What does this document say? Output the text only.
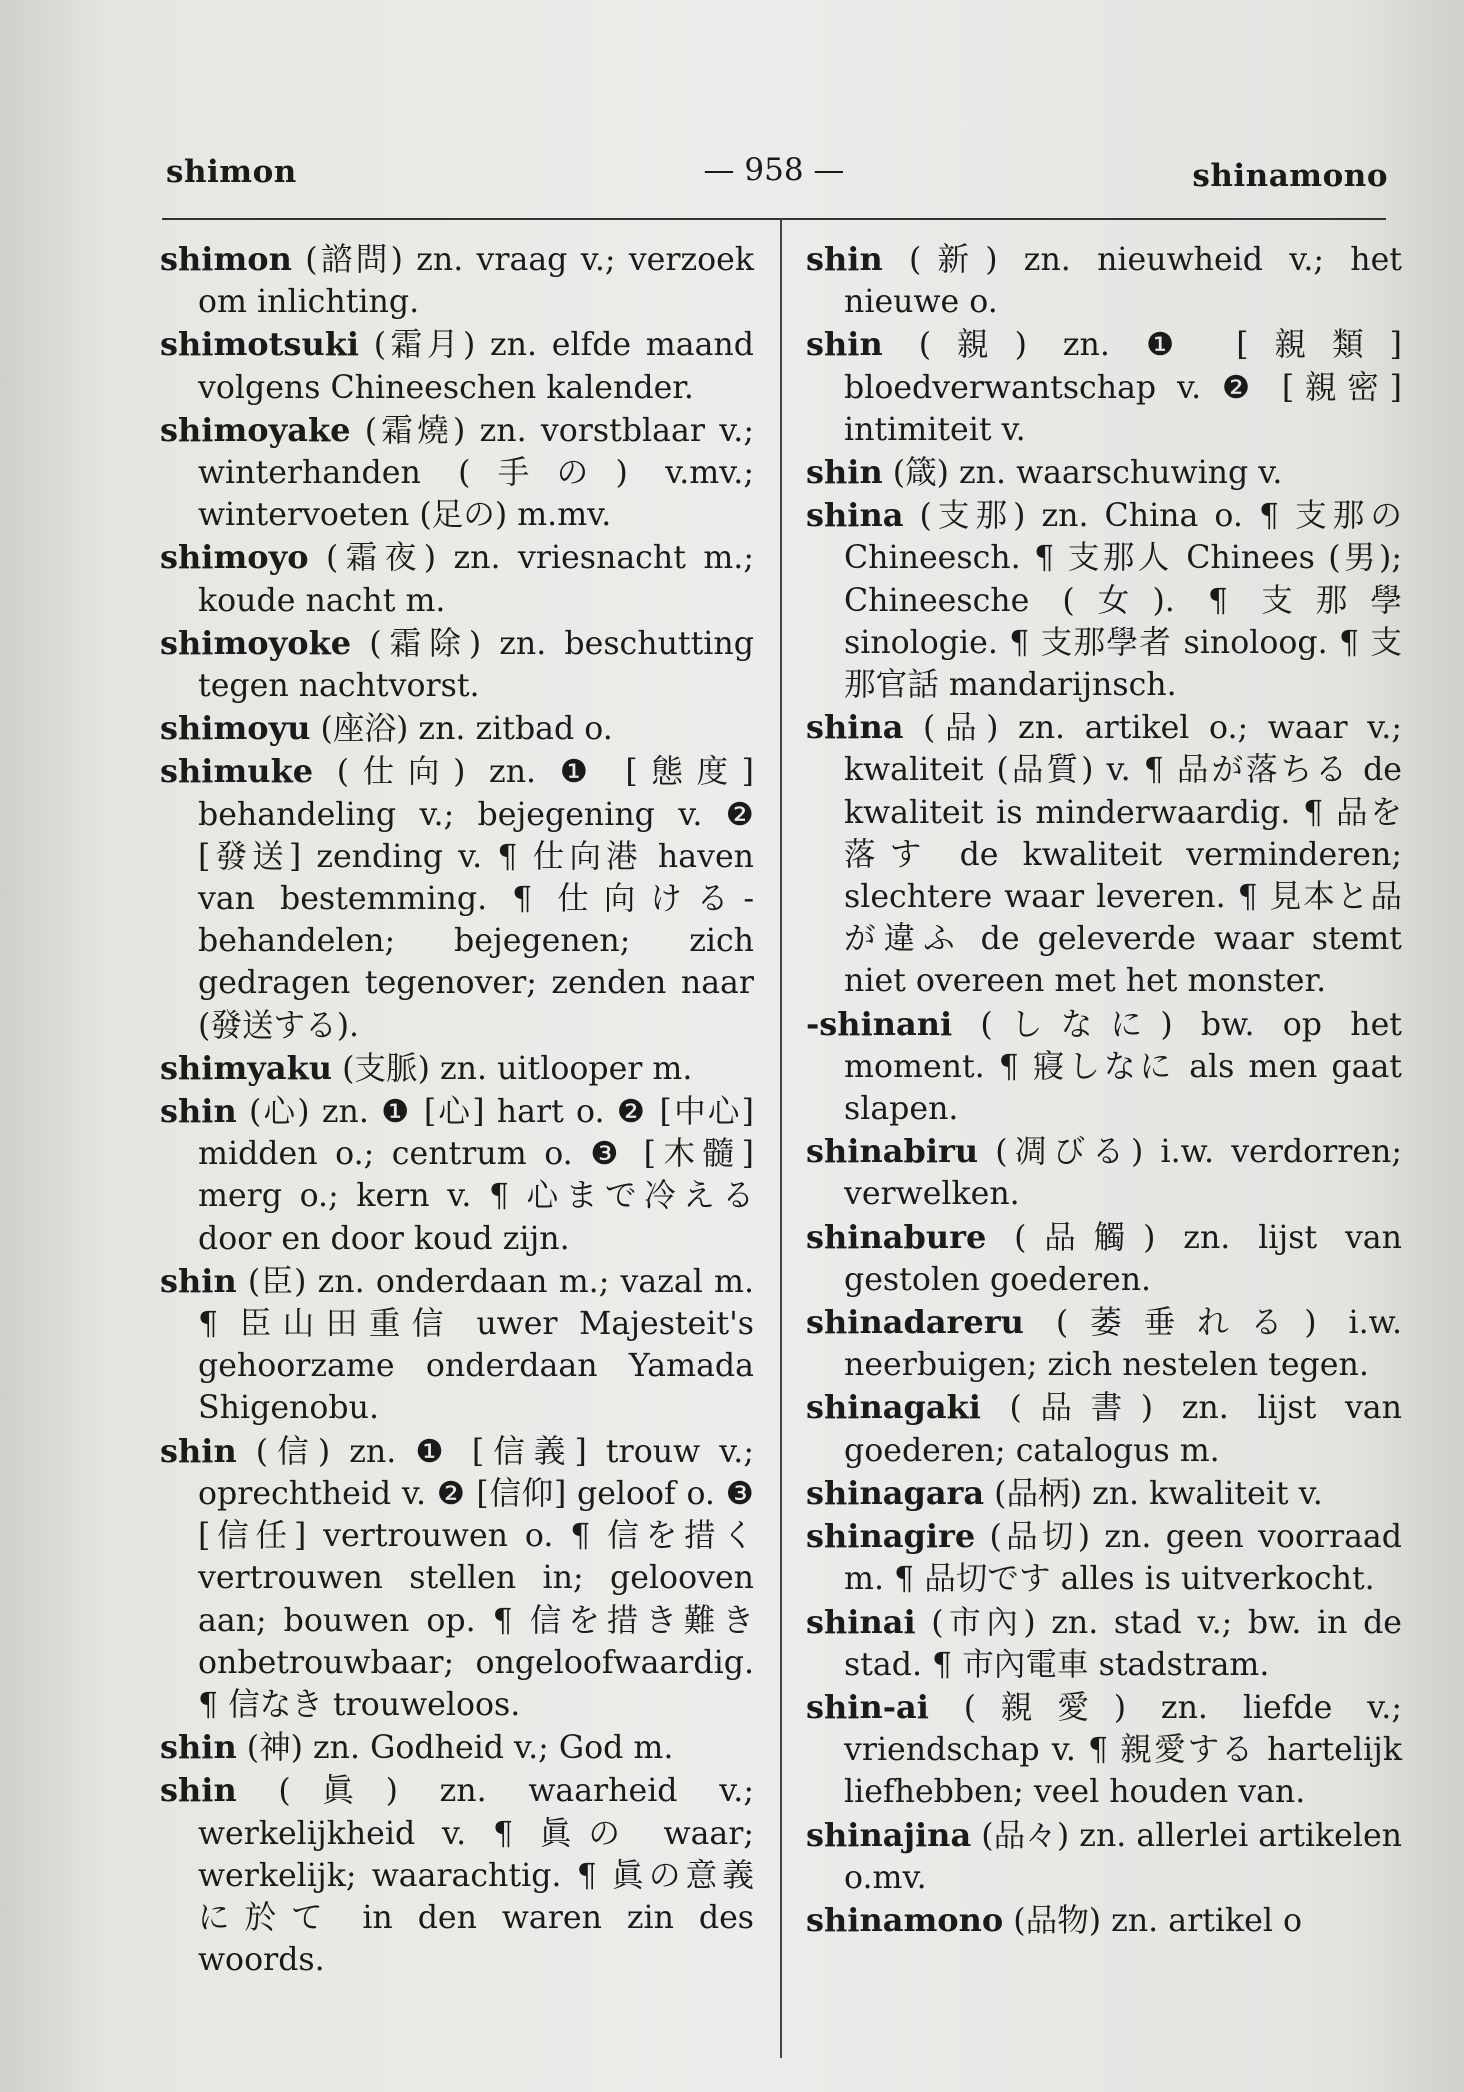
shimon	— 958 —	shinamono
shimon (諮問) zn. vraag v.; verzoek om inlichting.
shimotsuki (霜月) zn. elfde maand volgens Chineeschen kalender.
shimoyake (霜燒) zn. vorstblaar v.; winterhanden (手の) v.mv.; wintervoeten (足の) m.mv.
shimoyo (霜夜) zn. vriesnacht m.; koude nacht m.
shimoyoke (霜除) zn. beschutting tegen nachtvorst.
shimoyu (座浴) zn. zitbad o.
shimuke (仕向) zn. ❶ [態度] behandeling v.; bejegening v. ❷ [發送] zending v. ¶ 仕向港 haven van bestemming. ¶ 仕向ける-behandelen; bejegenen; zich gedragen tegenover; zenden naar (發送する).
shimyaku (支脈) zn. uitlooper m.
shin (心) zn. ❶ [心] hart o. ❷ [中心] midden o.; centrum o. ❸ [木髓] merg o.; kern v. ¶ 心まで冷える door en door koud zijn.
shin (臣) zn. onderdaan m.; vazal m. ¶ 臣山田重信 uwer Majesteit's gehoorzame onderdaan Yamada Shigenobu.
shin (信) zn. ❶ [信義] trouw v.; oprechtheid v. ❷ [信仰] geloof o. ❸ [信任] vertrouwen o. ¶ 信を措く vertrouwen stellen in; gelooven aan; bouwen op. ¶ 信を措き難き onbetrouwbaar; ongeloofwaardig. ¶ 信なき trouweloos.
shin (神) zn. Godheid v.; God m.
shin (眞) zn. waarheid v.; werkelijkheid v. ¶ 眞の waar; werkelijk; waarachtig. ¶ 眞の意義に於て in den waren zin des woords.
shin (新) zn. nieuwheid v.; het nieuwe o.
shin (親) zn. ❶ [親類] bloedverwantschap v. ❷ [親密] intimiteit v.
shin (箴) zn. waarschuwing v.
shina (支那) zn. China o. ¶ 支那の Chineesch. ¶ 支那人 Chinees (男); Chineesche (女). ¶ 支那學 sinologie. ¶ 支那學者 sinoloog. ¶ 支那官話 mandarijnsch.
shina (品) zn. artikel o.; waar v.; kwaliteit (品質) v. ¶ 品が落ちる de kwaliteit is minderwaardig. ¶ 品を落す de kwaliteit verminderen; slechtere waar leveren. ¶ 見本と品が違ふ de geleverde waar stemt niet overeen met het monster.
-shinani (しなに) bw. op het moment. ¶ 寢しなに als men gaat slapen.
shinabiru (凋びる) i.w. verdorren; verwelken.
shinabure (品觸) zn. lijst van gestolen goederen.
shinadareru (萎垂れる) i.w. neerbuigen; zich nestelen tegen.
shinagaki (品書) zn. lijst van goederen; catalogus m.
shinagara (品柄) zn. kwaliteit v.
shinagire (品切) zn. geen voorraad m. ¶ 品切です alles is uitverkocht.
shinai (市內) zn. stad v.; bw. in de stad. ¶ 市內電車 stadstram.
shin-ai (親愛) zn. liefde v.; vriendschap v. ¶ 親愛する hartelijk liefhebben; veel houden van.
shinajina (品々) zn. allerlei artikelen o.mv.
shinamono (品物) zn. artikel o
